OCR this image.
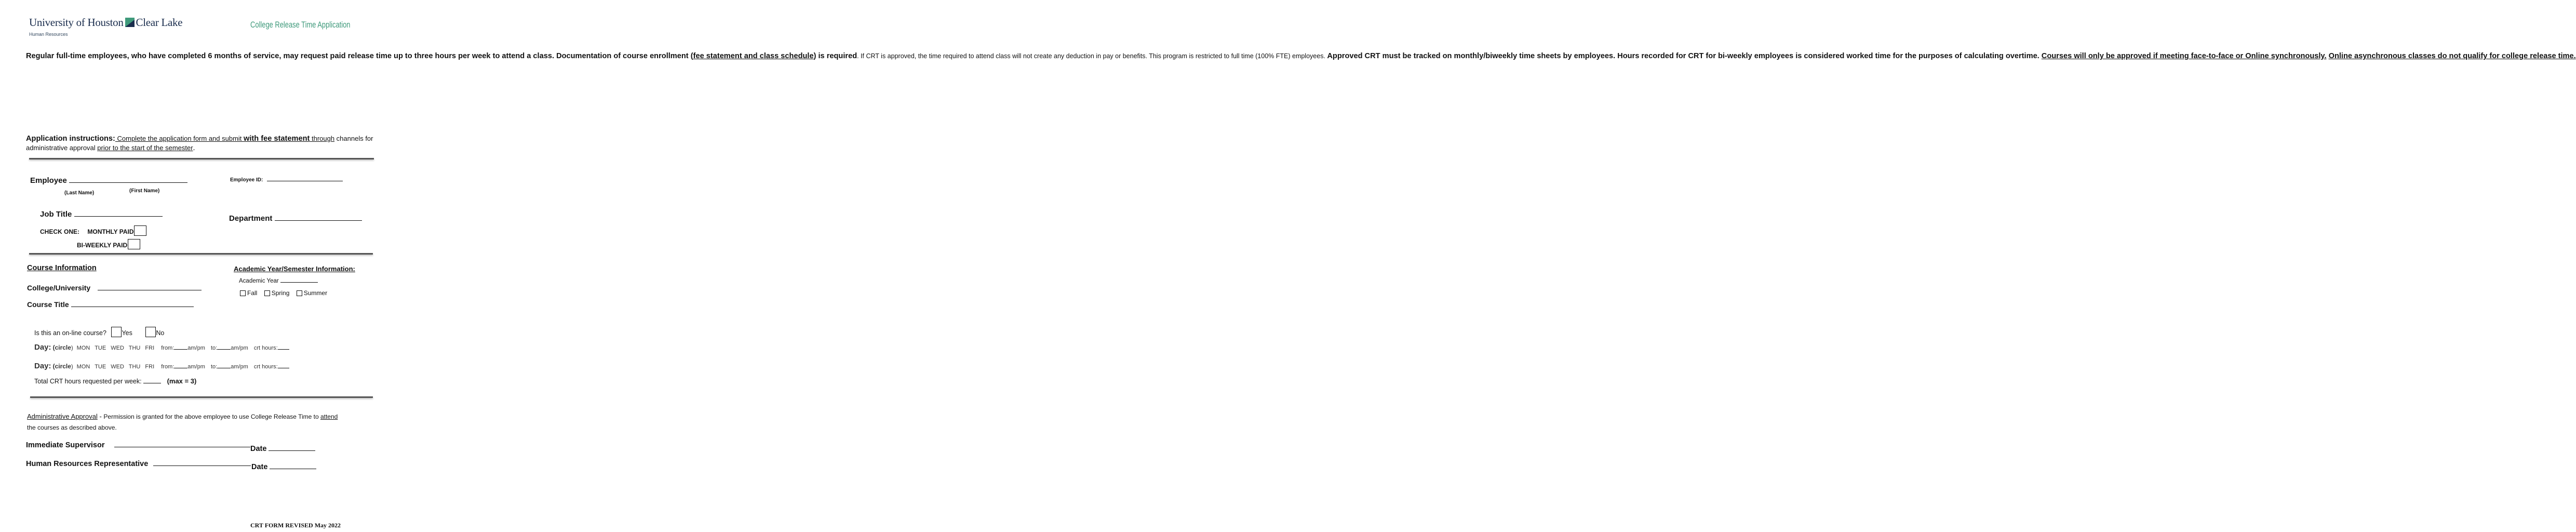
University of Houston Clear Lake
Human Resources
College Release Time Application
Regular full-time employees, who have completed 6 months of service, may request paid release time up to three hours per week to attend a class. Documentation of course enrollment (fee statement and class schedule) is required. If CRT is approved, the time required to attend class will not create any deduction in pay or benefits. This program is restricted to full time (100% FTE) employees. Approved CRT must be tracked on monthly/biweekly time sheets by employees. Hours recorded for CRT for bi-weekly employees is considered worked time for the purposes of calculating overtime. Courses will only be approved if meeting face-to-face or Online synchronously. Online asynchronous classes do not qualify for college release time.
Application instructions: Complete the application form and submit with fee statement through channels for administrative approval prior to the start of the semester.
Employee
(Last Name)	(First Name)
Employee ID:
Job Title	Department
CHECK ONE: MONTHLY PAID
BI-WEEKLY PAID
Course Information	Academic Year/Semester Information:
Academic Year
Fall Spring Summer
College/University
Course Title
Is this an on-line course? Yes	No
Day: (circle) MON TUE WED THU FRI from: am/pm to: am/pm crt hours:
Day: (circle) MON TUE WED THU FRI from: am/pm to: am/pm crt hours:
Total CRT hours requested per week:	(max = 3)
Administrative Approval - Permission is granted for the above employee to use College Release Time to attend
the courses as described above.
Immediate Supervisor	Date
Human Resources Representative	Date
CRT FORM REVISED May 2022
